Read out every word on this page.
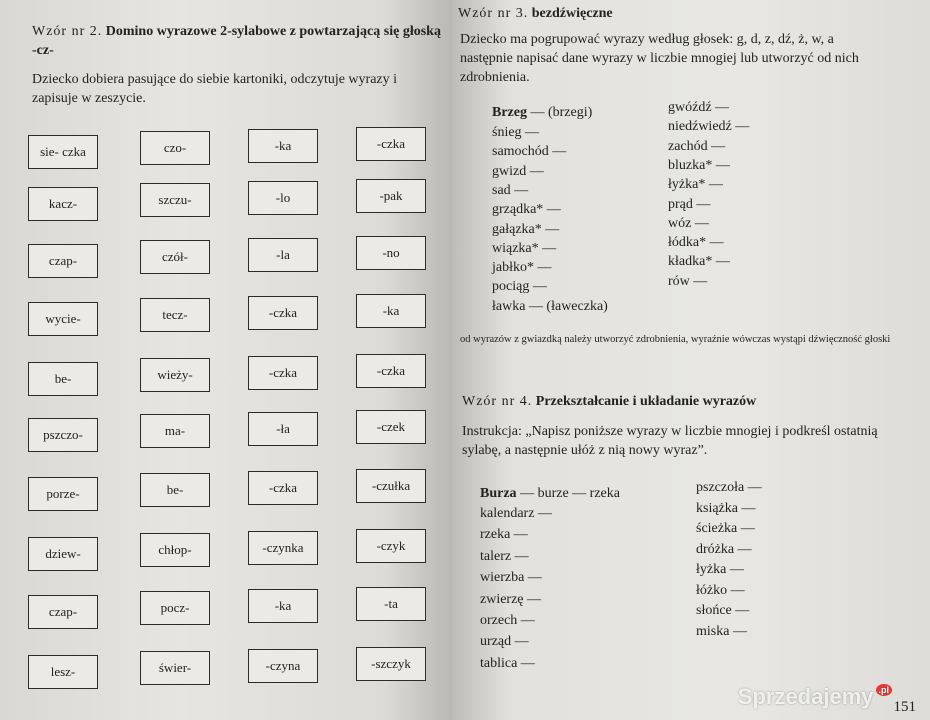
Wzór nr 2. Domino wyrazowe 2-sylabowe z powtarzającą się głoską -cz-

Dziecko dobiera pasujące do siebie kartoniki, odczytuje wyrazy i zapisuje w zeszycie.

sie- czka	czo-	-ka	-czka
kacz-	szczu-	-lo	-pak
czap-	czół-	-la	-no
wycie-	tecz-	-czka	-ka
be-	wieży-	-czka	-czka
pszczo-	ma-	-ła	-czek
porze-	be-	-czka	-czułka
dziew-	chłop-	-czynka	-czyk
czap-	pocz-	-ka	-ta
lesz-	świer-	-czyna	-szczyk

Wzór nr 3. bezdźwięczne

Dziecko ma pogrupować wyrazy według głosek: g, d, z, dź, ż, w, a następnie napisać dane wyrazy w liczbie mnogiej lub utworzyć od nich zdrobnienia.

Brzeg — (brzegi)
śnieg —
samochód —
gwizd —
sad —
grządka* —
gałązka* —
wiązka* —
jabłko* —
pociąg —
ławka — (ławeczka)
gwóźdź —
niedźwiedź —
zachód —
bluzka* —
łyżka* —
prąd —
wóz —
łódka* —
kładka* —
rów —

od wyrazów z gwiazdką należy utworzyć zdrobnienia, wyraźnie wówczas wystąpi dźwięczność głoski

Wzór nr 4. Przekształcanie i układanie wyrazów

Instrukcja: „Napisz poniższe wyrazy w liczbie mnogiej i podkreśl ostatnią sylabę, a następnie ułóż z nią nowy wyraz”.

Burza — burze — rzeka
kalendarz —
rzeka —
talerz —
wierzba —
zwierzę —
orzech —
urząd —
tablica —
pszczoła —
książka —
ścieżka —
dróżka —
łyżka —
łóżko —
słońce —
miska —
151
Sprzedajemy .pl
